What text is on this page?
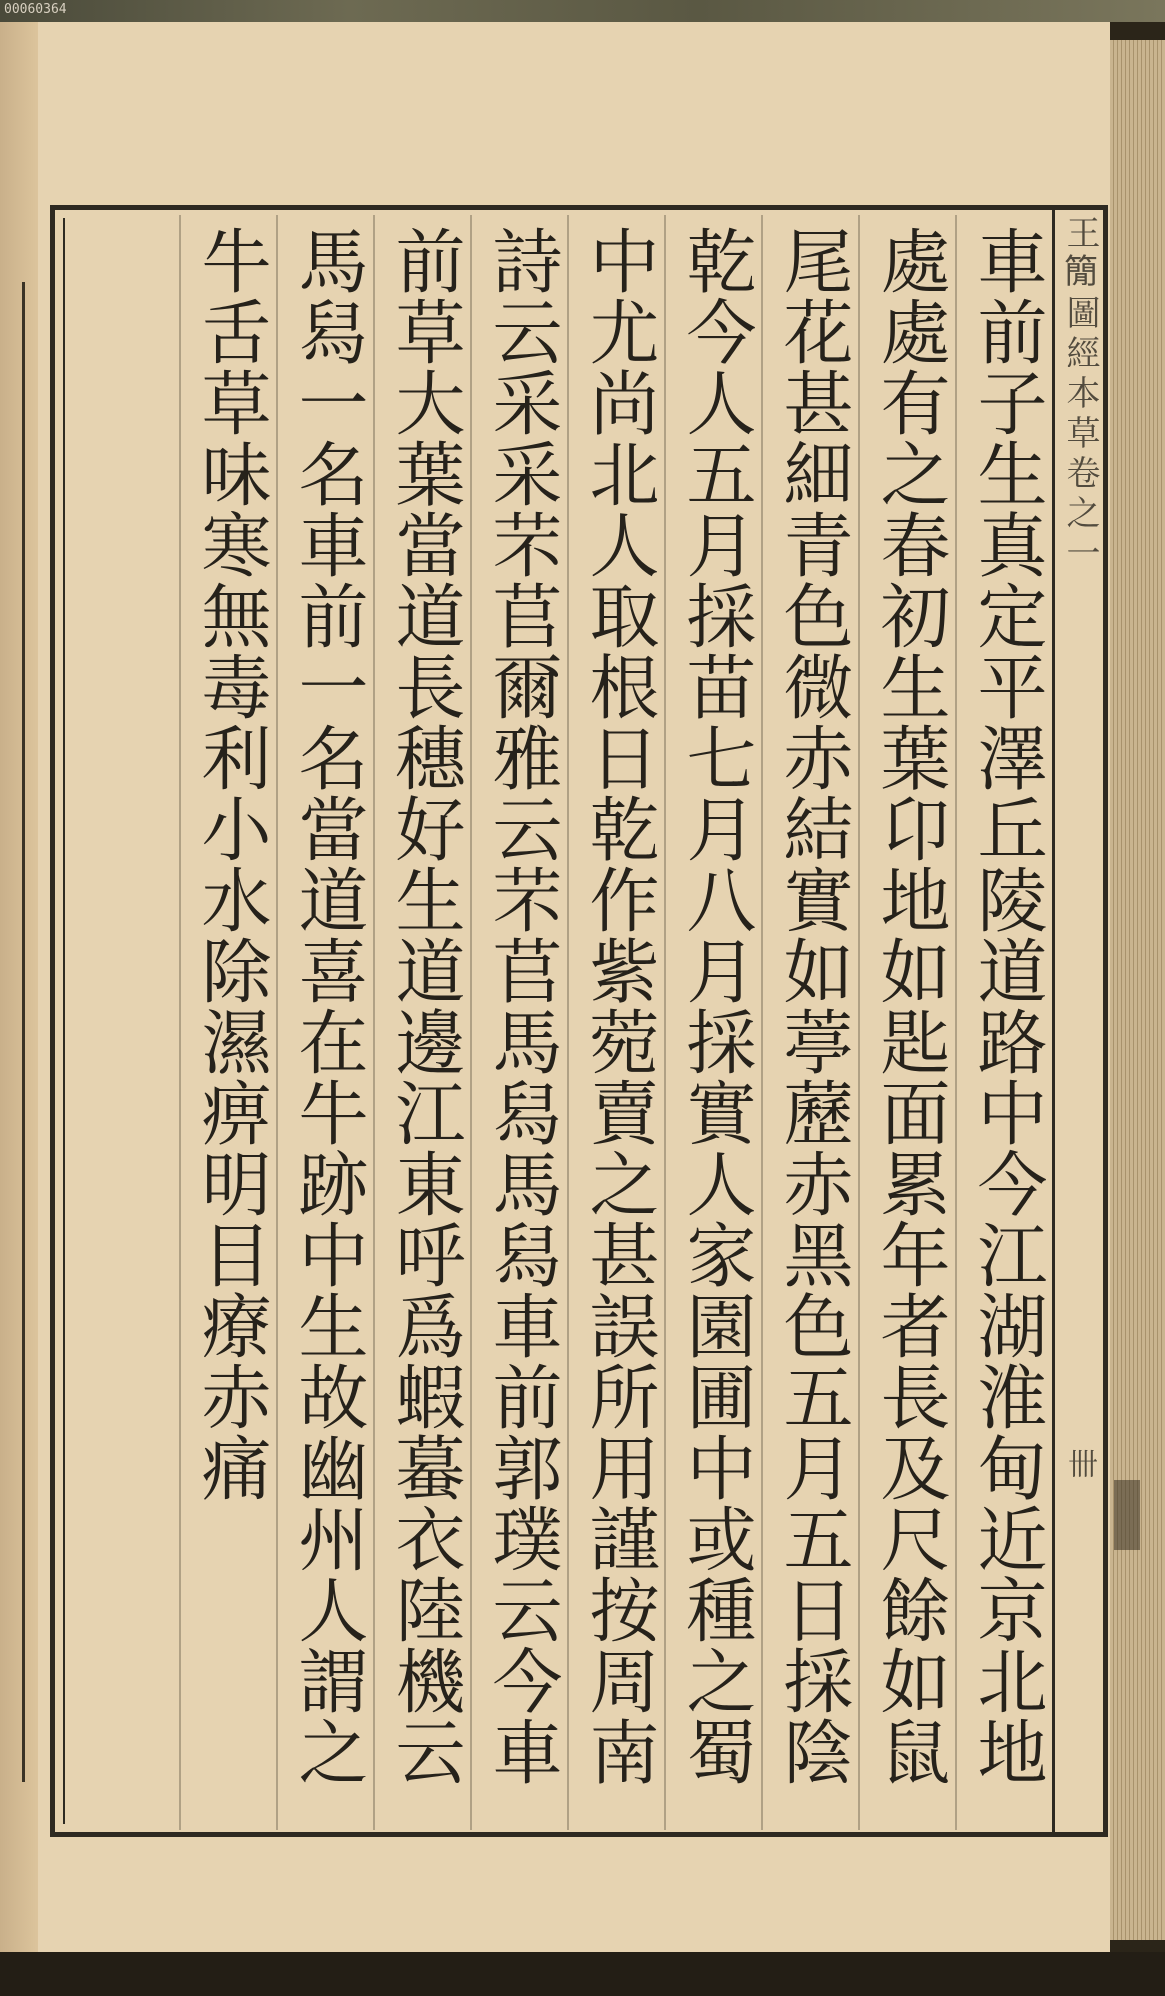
00060364
王𥳑圖經本草卷之一
卌
車前子生真定平澤丘陵道路中今江湖淮甸近京北地
處處有之春初生葉卬地如匙面累年者長及尺餘如鼠
尾花甚細青色微赤結實如葶藶赤黑色五月五日採陰
乾今人五月採苗七月八月採實人家園圃中或種之蜀
中尤尚北人取根日乾作紫菀賣之甚誤所用謹按周南
詩云采采芣苢爾雅云芣苢馬舄馬舄車前郭璞云今車
前草大葉當道長穗好生道邊江東呼爲蝦蟇衣陸機云
馬舄一名車前一名當道喜在牛跡中生故幽州人謂之
牛舌草味寒無毒利小水除濕痹明目療赤痛
